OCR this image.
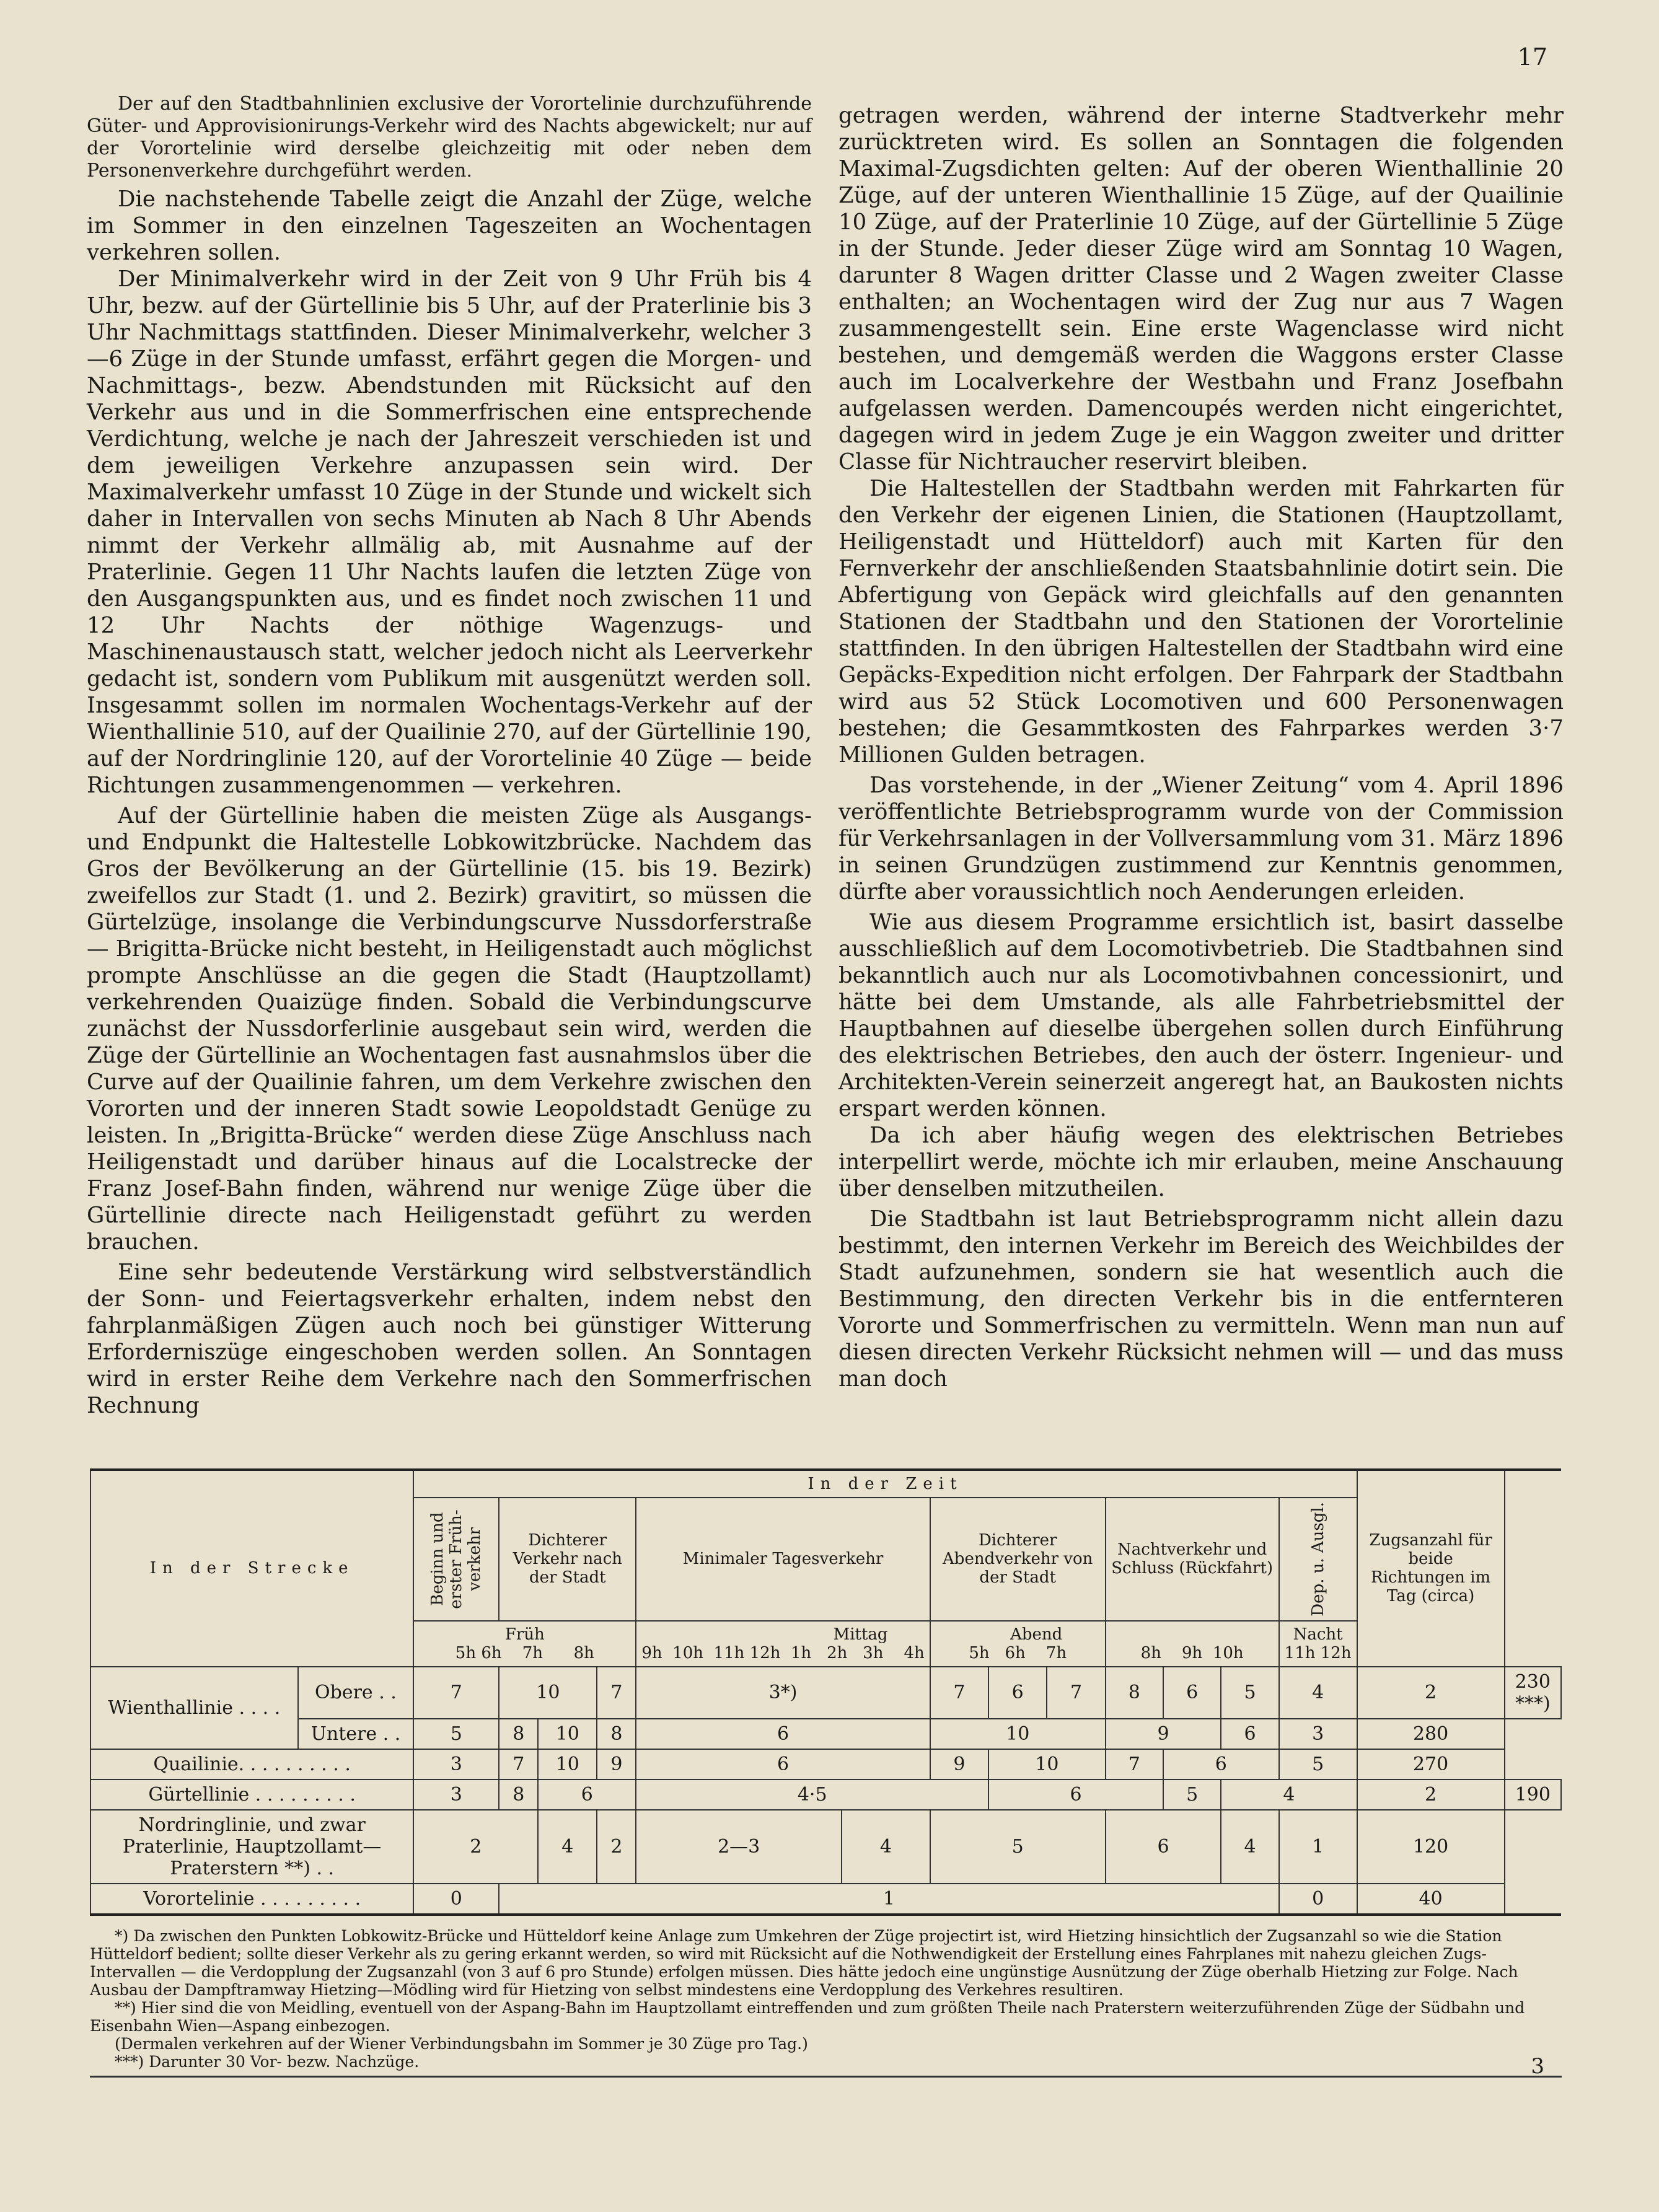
17

Der auf den Stadtbahnlinien exclusive der Vorortelinie durchzuführende Güter- und Approvisionirungs-Verkehr wird des Nachts abgewickelt; nur auf der Vorortelinie wird derselbe gleichzeitig mit oder neben dem Personenverkehre durchgeführt werden.

Die nachstehende Tabelle zeigt die Anzahl der Züge, welche im Sommer in den einzelnen Tageszeiten an Wochentagen verkehren sollen.

Der Minimalverkehr wird in der Zeit von 9 Uhr Früh bis 4 Uhr, bezw. auf der Gürtellinie bis 5 Uhr, auf der Praterlinie bis 3 Uhr Nachmittags stattfinden. Dieser Minimalverkehr, welcher 3—6 Züge in der Stunde umfasst, erfährt gegen die Morgen- und Nachmittags-, bezw. Abendstunden mit Rücksicht auf den Verkehr aus und in die Sommerfrischen eine entsprechende Verdichtung, welche je nach der Jahreszeit verschieden ist und dem jeweiligen Verkehre anzupassen sein wird. Der Maximalverkehr umfasst 10 Züge in der Stunde und wickelt sich daher in Intervallen von sechs Minuten ab Nach 8 Uhr Abends nimmt der Verkehr allmälig ab, mit Ausnahme auf der Praterlinie. Gegen 11 Uhr Nachts laufen die letzten Züge von den Ausgangspunkten aus, und es findet noch zwischen 11 und 12 Uhr Nachts der nöthige Wagenzugs- und Maschinenaustausch statt, welcher jedoch nicht als Leerverkehr gedacht ist, sondern vom Publikum mit ausgenützt werden soll. Insgesammt sollen im normalen Wochentags-Verkehr auf der Wienthallinie 510, auf der Quailinie 270, auf der Gürtellinie 190, auf der Nordringlinie 120, auf der Vorortelinie 40 Züge — beide Richtungen zusammengenommen — verkehren.

Auf der Gürtellinie haben die meisten Züge als Ausgangs- und Endpunkt die Haltestelle Lobkowitzbrücke. Nachdem das Gros der Bevölkerung an der Gürtellinie (15. bis 19. Bezirk) zweifellos zur Stadt (1. und 2. Bezirk) gravitirt, so müssen die Gürtelzüge, insolange die Verbindungscurve Nussdorferstraße — Brigitta-Brücke nicht besteht, in Heiligenstadt auch möglichst prompte Anschlüsse an die gegen die Stadt (Hauptzollamt) verkehrenden Quaizüge finden. Sobald die Verbindungscurve zunächst der Nussdorferlinie ausgebaut sein wird, werden die Züge der Gürtellinie an Wochentagen fast ausnahmslos über die Curve auf der Quailinie fahren, um dem Verkehre zwischen den Vororten und der inneren Stadt sowie Leopoldstadt Genüge zu leisten. In „Brigitta-Brücke“ werden diese Züge Anschluss nach Heiligenstadt und darüber hinaus auf die Localstrecke der Franz Josef-Bahn finden, während nur wenige Züge über die Gürtellinie directe nach Heiligenstadt geführt zu werden brauchen.

Eine sehr bedeutende Verstärkung wird selbstverständlich der Sonn- und Feiertagsverkehr erhalten, indem nebst den fahrplanmäßigen Zügen auch noch bei günstiger Witterung Erforderniszüge eingeschoben werden sollen. An Sonntagen wird in erster Reihe dem Verkehre nach den Sommerfrischen Rechnung

getragen werden, während der interne Stadtverkehr mehr zurücktreten wird. Es sollen an Sonntagen die folgenden Maximal-Zugsdichten gelten: Auf der oberen Wienthallinie 20 Züge, auf der unteren Wienthallinie 15 Züge, auf der Quailinie 10 Züge, auf der Praterlinie 10 Züge, auf der Gürtellinie 5 Züge in der Stunde. Jeder dieser Züge wird am Sonntag 10 Wagen, darunter 8 Wagen dritter Classe und 2 Wagen zweiter Classe enthalten; an Wochentagen wird der Zug nur aus 7 Wagen zusammengestellt sein. Eine erste Wagenclasse wird nicht bestehen, und demgemäß werden die Waggons erster Classe auch im Localverkehre der Westbahn und Franz Josefbahn aufgelassen werden. Damencoupés werden nicht eingerichtet, dagegen wird in jedem Zuge je ein Waggon zweiter und dritter Classe für Nichtraucher reservirt bleiben.

Die Haltestellen der Stadtbahn werden mit Fahrkarten für den Verkehr der eigenen Linien, die Stationen (Hauptzollamt, Heiligenstadt und Hütteldorf) auch mit Karten für den Fernverkehr der anschließenden Staatsbahnlinie dotirt sein. Die Abfertigung von Gepäck wird gleichfalls auf den genannten Stationen der Stadtbahn und den Stationen der Vorortelinie stattfinden. In den übrigen Haltestellen der Stadtbahn wird eine Gepäcks-Expedition nicht erfolgen. Der Fahrpark der Stadtbahn wird aus 52 Stück Locomotiven und 600 Personenwagen bestehen; die Gesammtkosten des Fahrparkes werden 3·7 Millionen Gulden betragen.

Das vorstehende, in der „Wiener Zeitung“ vom 4. April 1896 veröffentlichte Betriebsprogramm wurde von der Commission für Verkehrsanlagen in der Vollversammlung vom 31. März 1896 in seinen Grundzügen zustimmend zur Kenntnis genommen, dürfte aber voraussichtlich noch Aenderungen erleiden.

Wie aus diesem Programme ersichtlich ist, basirt dasselbe ausschließlich auf dem Locomotivbetrieb. Die Stadtbahnen sind bekanntlich auch nur als Locomotivbahnen concessionirt, und hätte bei dem Umstande, als alle Fahrbetriebsmittel der Hauptbahnen auf dieselbe übergehen sollen durch Einführung des elektrischen Betriebes, den auch der österr. Ingenieur- und Architekten-Verein seinerzeit angeregt hat, an Baukosten nichts erspart werden können.

Da ich aber häufig wegen des elektrischen Betriebes interpellirt werde, möchte ich mir erlauben, meine Anschauung über denselben mitzutheilen.

Die Stadtbahn ist laut Betriebsprogramm nicht allein dazu bestimmt, den internen Verkehr im Bereich des Weichbildes der Stadt aufzunehmen, sondern sie hat wesentlich auch die Bestimmung, den directen Verkehr bis in die entfernteren Vororte und Sommerfrischen zu vermitteln. Wenn man nun auf diesen directen Verkehr Rücksicht nehmen will — und das muss man doch

In der Strecke		In der Zeit													Zugsanzahl für beide Richtungen im Tag (circa)	
		Beginn und erster Früh-verkehr	Dichterer Verkehr nach der Stadt			Minimaler Tagesverkehr		Dichterer Abendverkehr von der Stadt			Nachtverkehr und Schluss (Rückfahrt)			Dep. u. Ausgl.		
		Früh
5h 6h    7h      8h				Mittag
9h  10h  11h 12h  1h   2h   3h    4h		Abend
5h   6h    7h			8h    9h  10h			Nacht
11h 12h		
Wienthallinie . . . .	Obere . .	7	10		7	3*)		7	6	7	8	6	5	4	2	230 ***)
	Untere . .	5	8	10	8	6		10			9		6	3	280	
Quailinie. . . . . . . . . .		3	7	10	9	6		9	10		7	6		5	270	
Gürtellinie . . . . . . . . .		3	8	6		4·5			6			5	4		2	190
Nordringlinie, und zwar Praterlinie, Hauptzollamt—Praterstern **) . .		2		4	2	2—3	4	5			6		4	1	120	
Vorortelinie . . . . . . . . .		0	1											0	40	

*) Da zwischen den Punkten Lobkowitz-Brücke und Hütteldorf keine Anlage zum Umkehren der Züge projectirt ist, wird Hietzing hinsichtlich der Zugsanzahl so wie die Station Hütteldorf bedient; sollte dieser Verkehr als zu gering erkannt werden, so wird mit Rücksicht auf die Nothwendigkeit der Erstellung eines Fahrplanes mit nahezu gleichen Zugs-Intervallen — die Verdopplung der Zugsanzahl (von 3 auf 6 pro Stunde) erfolgen müssen. Dies hätte jedoch eine ungünstige Ausnützung der Züge oberhalb Hietzing zur Folge. Nach Ausbau der Dampftramway Hietzing—Mödling wird für Hietzing von selbst mindestens eine Verdopplung des Verkehres resultiren.

**) Hier sind die von Meidling, eventuell von der Aspang-Bahn im Hauptzollamt eintreffenden und zum größten Theile nach Praterstern weiterzuführenden Züge der Südbahn und Eisenbahn Wien—Aspang einbezogen.

(Dermalen verkehren auf der Wiener Verbindungsbahn im Sommer je 30 Züge pro Tag.)

***) Darunter 30 Vor- bezw. Nachzüge.	3
